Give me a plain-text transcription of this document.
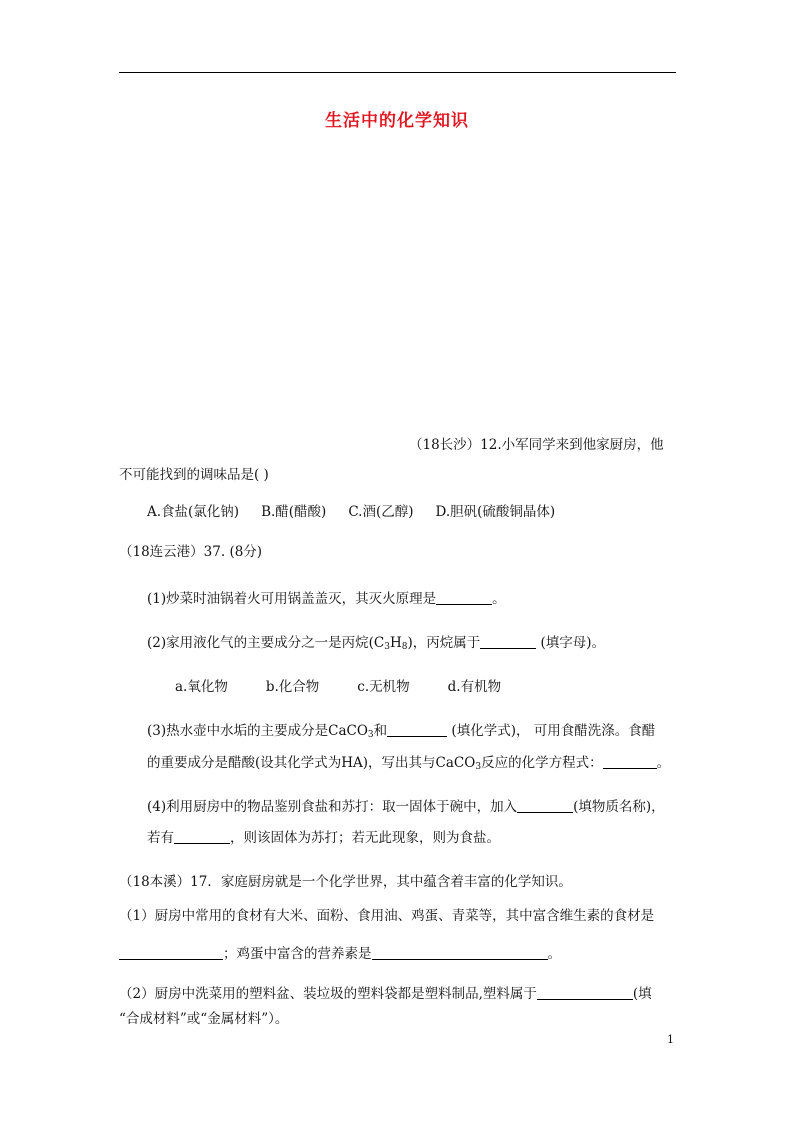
生活中的化学知识
（18长沙）12.小军同学来到他家厨房，他
不可能找到的调味品是( )
A.食盐(氯化钠) B.醋(醋酸) C.酒(乙醇) D.胆矾(硫酸铜晶体)
（18连云港）37. (8分)
(1)炒菜时油锅着火可用锅盖盖灭，其灭火原理是	。
(2)家用液化气的主要成分之一是丙烷$(C_3H_8)$，丙烷属于	(填字母)。
a.氧化物	b.化合物	c.无机物	d.有机物
(3)热水壶中水垢的主要成分是CaCO$_3$和	(填化学式)， 可用食醋洗涤。食醋
的重要成分是醋酸(设其化学式为HA)，写出其与CaCO$_3$反应的化学方程式：	。
(4)利用厨房中的物品鉴别食盐和苏打：取一固体于碗中，加入	(填物质名称)，
若有	，则该固体为苏打；若无此现象，则为食盐。
（18本溪）17．家庭厨房就是一个化学世界，其中蕴含着丰富的化学知识。
（1）厨房中常用的食材有大米、面粉、食用油、鸡蛋、青菜等，其中富含维生素的食材是
；鸡蛋中富含的营养素是	。
（2）厨房中洗菜用的塑料盆、装垃圾的塑料袋都是塑料制品,塑料属于	(填
“合成材料”或“金属材料”）。
1
